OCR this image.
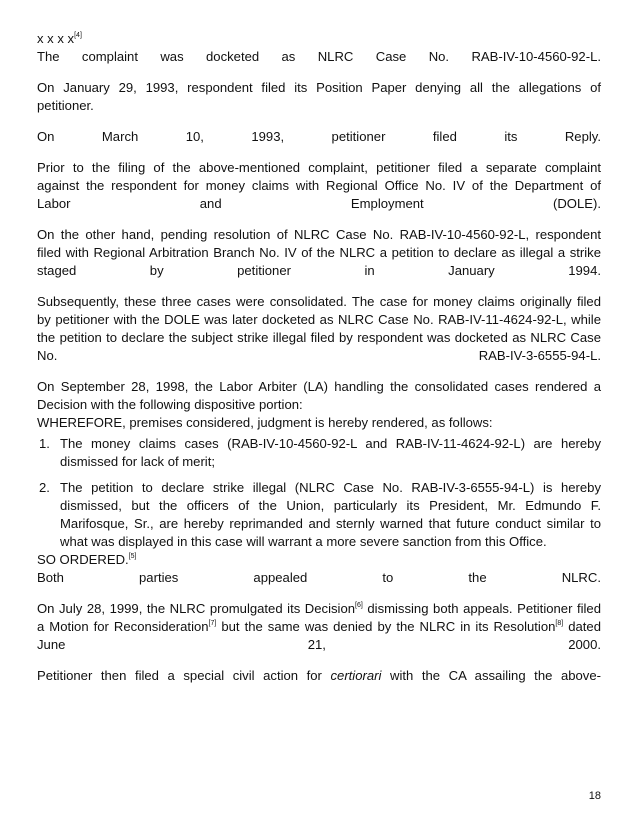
x x x x[4]

The complaint was docketed as NLRC Case No. RAB-IV-10-4560-92-L.

On January 29, 1993, respondent filed its Position Paper denying all the allegations of
petitioner.

On March 10, 1993, petitioner filed its Reply.

Prior to the filing of the above-mentioned complaint, petitioner filed a separate complaint
against the respondent for money claims with Regional Office No. IV of the Department of
Labor and Employment (DOLE).

On the other hand, pending resolution of NLRC Case No. RAB-IV-10-4560-92-L, respondent
filed with Regional Arbitration Branch No. IV of the NLRC a petition to declare as illegal a strike
staged by petitioner in January 1994.

Subsequently, these three cases were consolidated. The case for money claims originally filed
by petitioner with the DOLE was later docketed as NLRC Case No. RAB-IV-11-4624-92-L, while
the petition to declare the subject strike illegal filed by respondent was docketed as NLRC Case
No. RAB-IV-3-6555-94-L.

On September 28, 1998, the Labor Arbiter (LA) handling the consolidated cases rendered a
Decision with the following dispositive portion:
WHEREFORE, premises considered, judgment is hereby rendered, as follows:
1. The money claims cases (RAB-IV-10-4560-92-L and RAB-IV-11-4624-92-L) are hereby dismissed for lack of merit;
2. The petition to declare strike illegal (NLRC Case No. RAB-IV-3-6555-94-L) is hereby dismissed, but the officers of the Union, particularly its President, Mr. Edmundo F. Marifosque, Sr., are hereby reprimanded and sternly warned that future conduct similar to what was displayed in this case will warrant a more severe sanction from this Office.

SO ORDERED.[5]
Both parties appealed to the NLRC.

On July 28, 1999, the NLRC promulgated its Decision[6] dismissing both appeals. Petitioner filed
a Motion for Reconsideration[7] but the same was denied by the NLRC in its Resolution[8] dated
June 21, 2000.

Petitioner then filed a special civil action for certiorari with the CA assailing the above-

18
